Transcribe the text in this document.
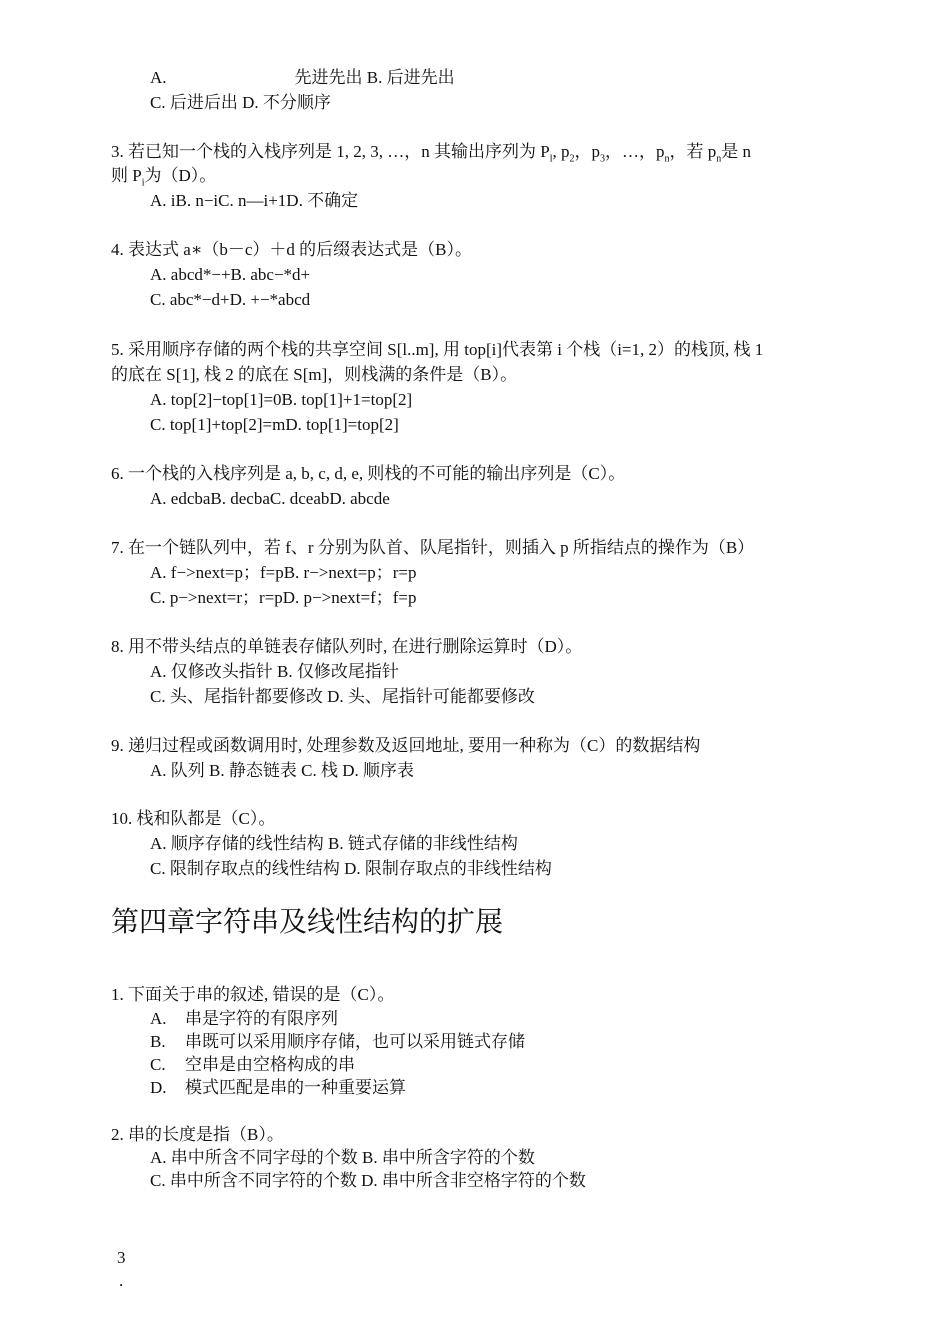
A.	先进先出 B. 后进先出
C. 后进后出 D. 不分顺序
3. 若已知一个栈的入栈序列是 1, 2, 3, …，n 其输出序列为 $P_l$, $p_2$，$p_3$，…，$p_n$，若 $p_n$是 n
则 $P_i$为（D）。
A. iB. n−iC. n—i+1D. 不确定
4. 表达式 a∗（b－c）＋d 的后缀表达式是（B）。
A. abcd*−+B. abc−*d+
C. abc*−d+D. +−*abcd
5. 采用顺序存储的两个栈的共享空间 S[l..m], 用 top[i]代表第 i 个栈（i=1, 2）的栈顶, 栈 1
的底在 S[1], 栈 2 的底在 S[m]，则栈满的条件是（B）。
A. top[2]−top[1]=0B. top[1]+1=top[2]
C. top[1]+top[2]=mD. top[1]=top[2]
6. 一个栈的入栈序列是 a, b, c, d, e, 则栈的不可能的输出序列是（C）。
A. edcbaB. decbaC. dceabD. abcde
7. 在一个链队列中，若 f、r 分别为队首、队尾指针，则插入 p 所指结点的操作为（B）
A. f−>next=p；f=pB. r−>next=p；r=p
C. p−>next=r；r=pD. p−>next=f；f=p
8. 用不带头结点的单链表存储队列时, 在进行删除运算时（D）。
A. 仅修改头指针 B. 仅修改尾指针
C. 头、尾指针都要修改 D. 头、尾指针可能都要修改
9. 递归过程或函数调用时, 处理参数及返回地址, 要用一种称为（C）的数据结构
A. 队列 B. 静态链表 C. 栈 D. 顺序表
10. 栈和队都是（C）。
A. 顺序存储的线性结构 B. 链式存储的非线性结构
C. 限制存取点的线性结构 D. 限制存取点的非线性结构
第四章字符串及线性结构的扩展
1. 下面关于串的叙述, 错误的是（C）。
A. 串是字符的有限序列
B. 串既可以采用顺序存储，也可以采用链式存储
C. 空串是由空格构成的串
D. 模式匹配是串的一种重要运算
2. 串的长度是指（B）。
A. 串中所含不同字母的个数 B. 串中所含字符的个数
C. 串中所含不同字符的个数 D. 串中所含非空格字符的个数
3
.
